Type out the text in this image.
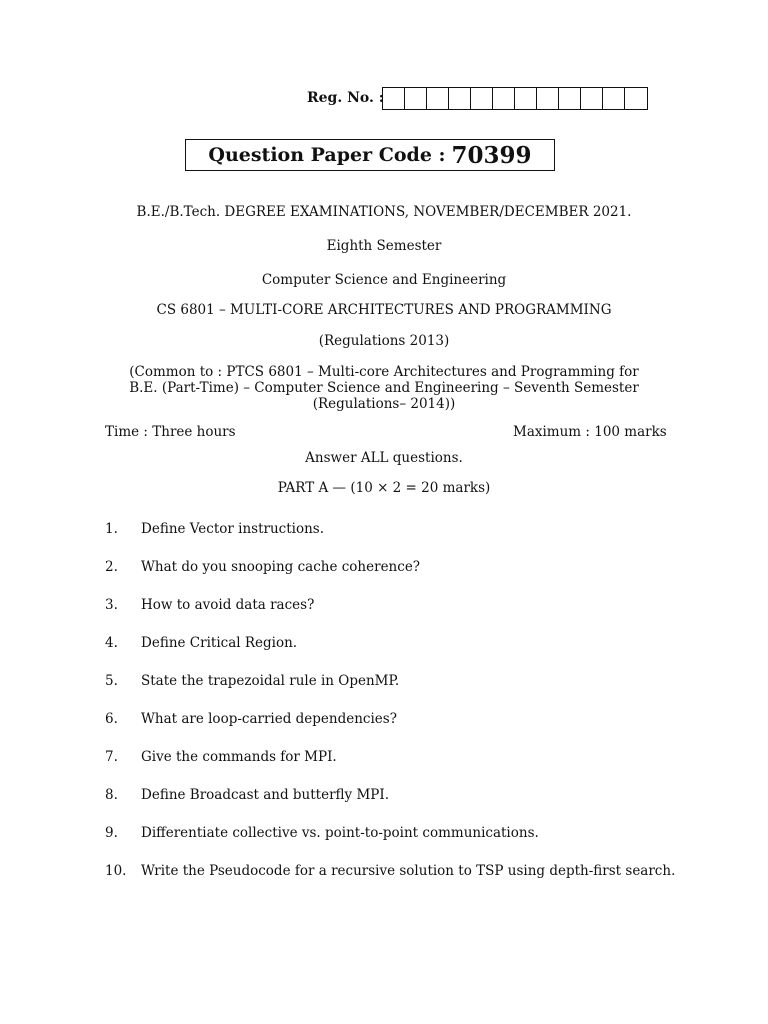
Reg. No. :
Question Paper Code : 70399
B.E./B.Tech. DEGREE EXAMINATIONS, NOVEMBER/DECEMBER 2021.
Eighth Semester
Computer Science and Engineering
CS 6801 – MULTI-CORE ARCHITECTURES AND PROGRAMMING
(Regulations 2013)
(Common to : PTCS 6801 – Multi-core Architectures and Programming for
B.E. (Part-Time) – Computer Science and Engineering – Seventh Semester
(Regulations– 2014))
Time : Three hours	Maximum : 100 marks
Answer ALL questions.
PART A — (10 × 2 = 20 marks)
1. Define Vector instructions.
2. What do you snooping cache coherence?
3. How to avoid data races?
4. Define Critical Region.
5. State the trapezoidal rule in OpenMP.
6. What are loop-carried dependencies?
7. Give the commands for MPI.
8. Define Broadcast and butterfly MPI.
9. Differentiate collective vs. point-to-point communications.
10. Write the Pseudocode for a recursive solution to TSP using depth-first search.
